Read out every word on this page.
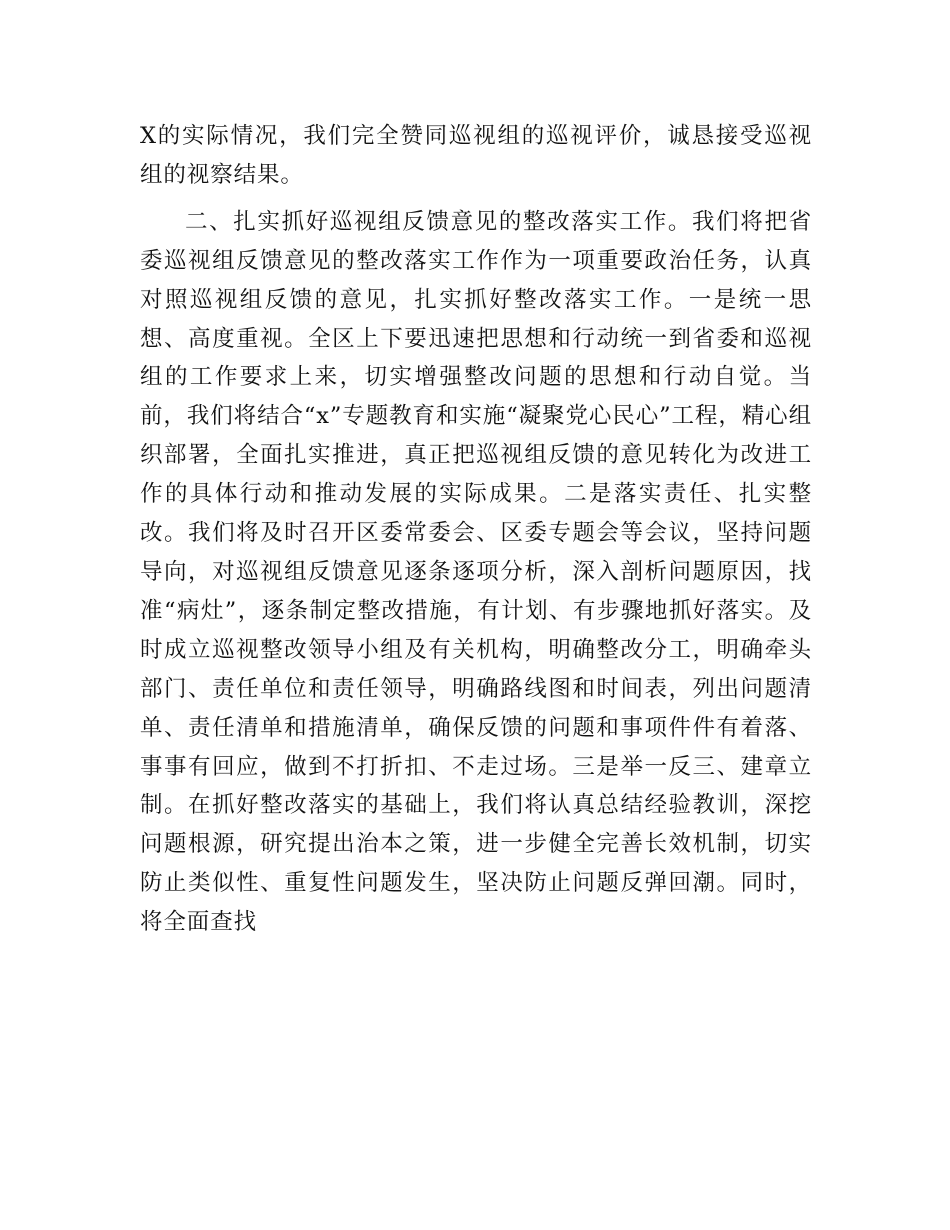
X的实际情况，我们完全赞同巡视组的巡视评价，诚恳接受巡视组的视察结果。

二、扎实抓好巡视组反馈意见的整改落实工作。我们将把省委巡视组反馈意见的整改落实工作作为一项重要政治任务，认真对照巡视组反馈的意见，扎实抓好整改落实工作。一是统一思想、高度重视。全区上下要迅速把思想和行动统一到省委和巡视组的工作要求上来，切实增强整改问题的思想和行动自觉。当前，我们将结合“x”专题教育和实施“凝聚党心民心”工程，精心组织部署，全面扎实推进，真正把巡视组反馈的意见转化为改进工作的具体行动和推动发展的实际成果。二是落实责任、扎实整改。我们将及时召开区委常委会、区委专题会等会议，坚持问题导向，对巡视组反馈意见逐条逐项分析，深入剖析问题原因，找准“病灶”，逐条制定整改措施，有计划、有步骤地抓好落实。及时成立巡视整改领导小组及有关机构，明确整改分工，明确牵头部门、责任单位和责任领导，明确路线图和时间表，列出问题清单、责任清单和措施清单，确保反馈的问题和事项件件有着落、事事有回应，做到不打折扣、不走过场。三是举一反三、建章立制。在抓好整改落实的基础上，我们将认真总结经验教训，深挖问题根源，研究提出治本之策，进一步健全完善长效机制，切实防止类似性、重复性问题发生，坚决防止问题反弹回潮。同时，将全面查找
